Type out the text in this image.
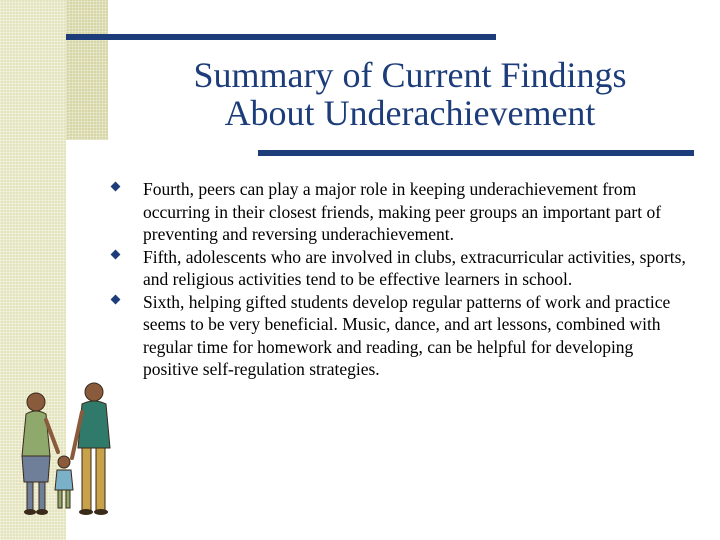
Summary of Current Findings
About Underachievement
Fourth, peers can play a major role in keeping underachievement from occurring in their closest friends, making peer groups an important part of preventing and reversing underachievement.
Fifth, adolescents who are involved in clubs, extracurricular activities, sports, and religious activities tend to be effective learners in school.
Sixth, helping gifted students develop regular patterns of work and practice seems to be very beneficial. Music, dance, and art lessons, combined with regular time for homework and reading, can be helpful for developing positive self-regulation strategies.
